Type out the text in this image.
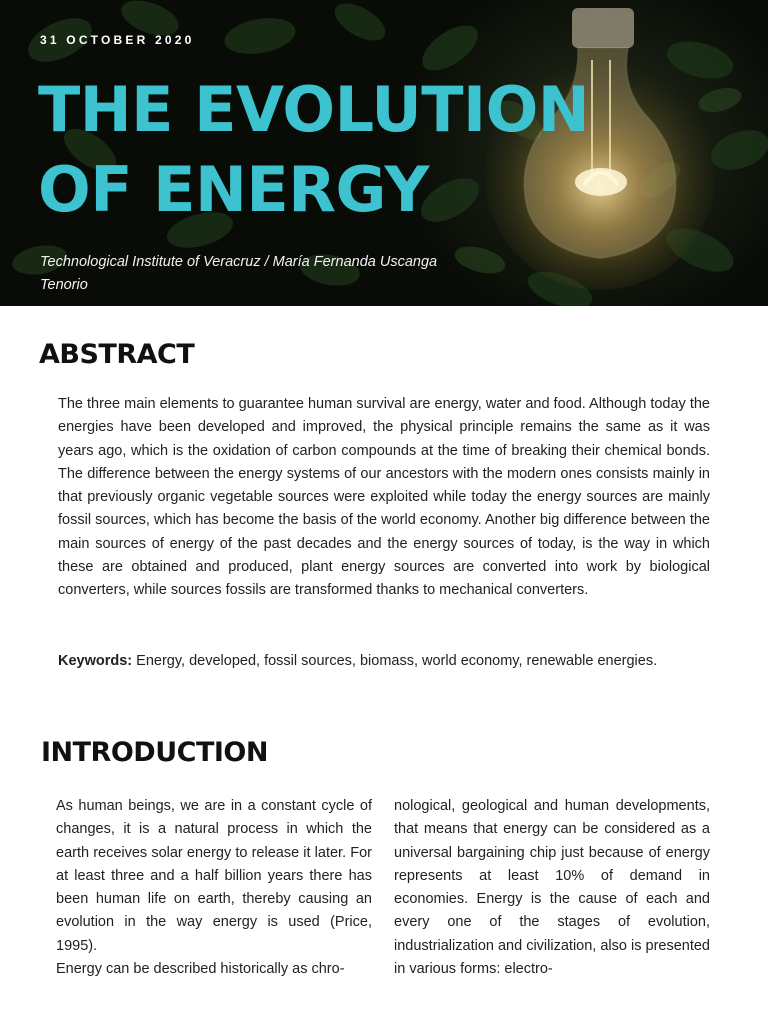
31 OCTOBER 2020
THE EVOLUTION
OF ENERGY

Technological Institute of Veracruz / María Fernanda Uscanga
Tenorio

ABSTRACT

The three main elements to guarantee human survival are energy, water and food. Although today the energies have been developed and improved, the physical principle remains the same as it was years ago, which is the oxidation of carbon compounds at the time of breaking their chemical bonds. The difference between the energy systems of our ancestors with the modern ones consists mainly in that previously organic vegetable sources were exploited while today the energy sources are mainly fossil sources, which has become the basis of the world economy. Another big difference between the main sources of energy of the past decades and the energy sources of today, is the way in which these are obtained and produced, plant energy sources are converted into work by biological converters, while sources fossils are transformed thanks to mechanical converters.

Keywords: Energy, developed, fossil sources, biomass, world economy, renewable energies.

INTRODUCTION

As human beings, we are in a constant cycle of changes, it is a natural process in which the earth receives solar energy to release it later. For at least three and a half billion years there has been human life on earth, thereby causing an evolution in the way energy is used (Price, 1995).

Energy can be described historically as chro-

nological, geological and human developments, that means that energy can be considered as a universal bargaining chip just because of energy represents at least 10% of demand in economies. Energy is the cause of each and every one of the stages of evolution, industrialization and civilization, also is presented in various forms: electro-
